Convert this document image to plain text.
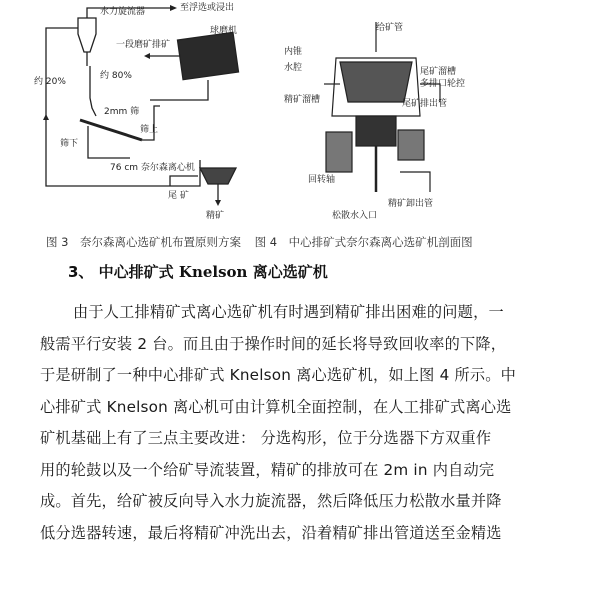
水力旋流器	至浮选或浸出
球磨机
一段磨矿排矿
约 20%
约 80%
2mm 筛
筛上
筛下
76 cm 奈尔森离心机
尾 矿
精矿
给矿管
内锥
水腔	尾矿溜槽
多排口轮控
精矿溜槽	尾矿排出管
回转轴
精矿卸出管
松散水入口
图 3　奈尔森离心选矿机布置原则方案 图 4　中心排矿式奈尔森离心选矿机剖面图
3、 中心排矿式 Knelson 离心选矿机
由于人工排精矿式离心选矿机有时遇到精矿排出困难的问题，一
般需平行安装 2 台。而且由于操作时间的延长将导致回收率的下降，
于是研制了一种中心排矿式 Knelson 离心选矿机，如上图 4 所示。中
心排矿式 Knelson 离心机可由计算机全面控制，在人工排矿式离心选
矿机基础上有了三点主要改进： 分选构形，位于分选器下方双重作
用的轮鼓以及一个给矿导流装置，精矿的排放可在 2m in 内自动完
成。首先，给矿被反向导入水力旋流器，然后降低压力松散水量并降
低分选器转速，最后将精矿冲洗出去，沿着精矿排出管道送至金精选
